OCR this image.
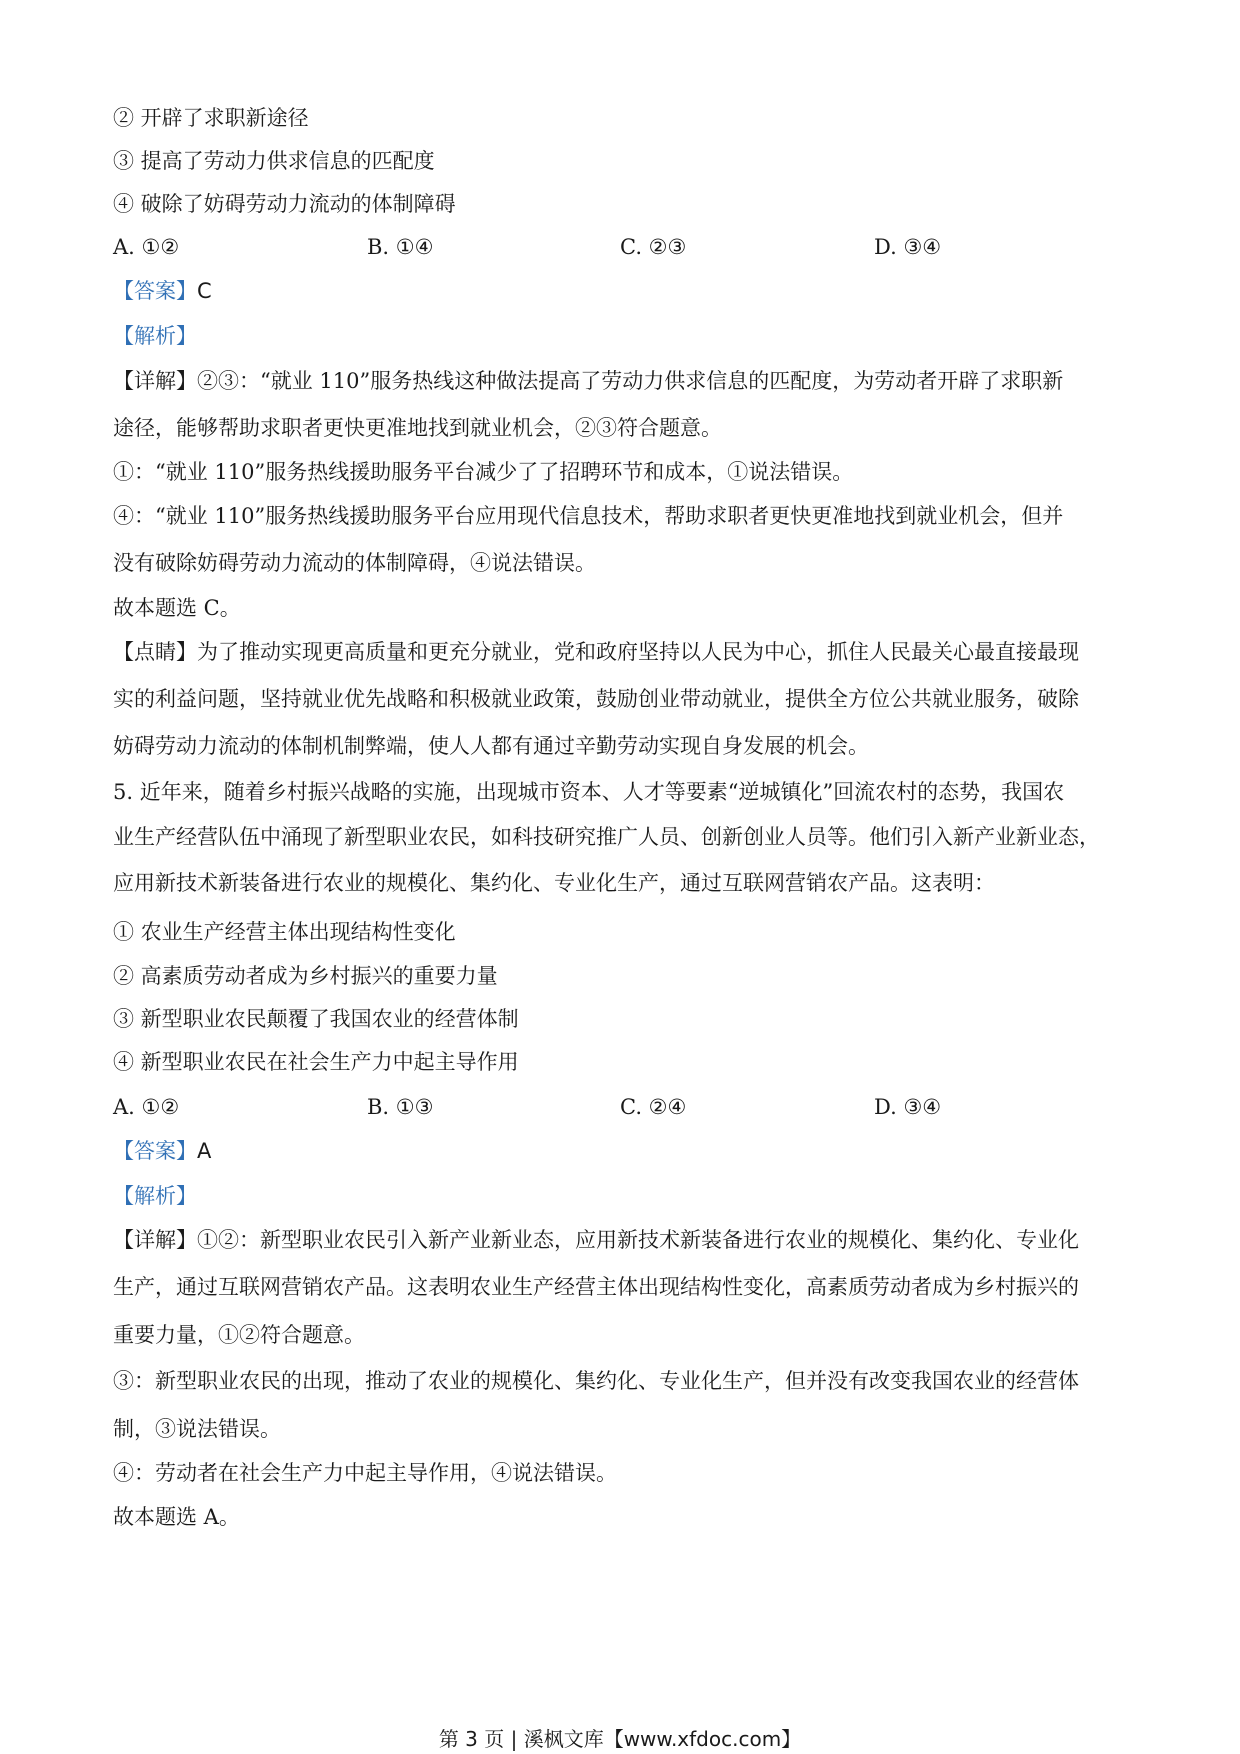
② 开辟了求职新途径
③ 提高了劳动力供求信息的匹配度
④ 破除了妨碍劳动力流动的体制障碍
A. ①②	B. ①④	C. ②③	D. ③④
【答案】C
【解析】
【详解】②③：“就业 110”服务热线这种做法提高了劳动力供求信息的匹配度，为劳动者开辟了求职新
途径，能够帮助求职者更快更准地找到就业机会，②③符合题意。
①：“就业 110”服务热线援助服务平台减少了了招聘环节和成本，①说法错误。
④：“就业 110”服务热线援助服务平台应用现代信息技术，帮助求职者更快更准地找到就业机会，但并
没有破除妨碍劳动力流动的体制障碍，④说法错误。
故本题选 C。
【点睛】为了推动实现更高质量和更充分就业，党和政府坚持以人民为中心，抓住人民最关心最直接最现
实的利益问题，坚持就业优先战略和积极就业政策，鼓励创业带动就业，提供全方位公共就业服务，破除
妨碍劳动力流动的体制机制弊端，使人人都有通过辛勤劳动实现自身发展的机会。
5. 近年来，随着乡村振兴战略的实施，出现城市资本、人才等要素“逆城镇化”回流农村的态势，我国农
业生产经营队伍中涌现了新型职业农民，如科技研究推广人员、创新创业人员等。他们引入新产业新业态，
应用新技术新装备进行农业的规模化、集约化、专业化生产，通过互联网营销农产品。这表明：
① 农业生产经营主体出现结构性变化
② 高素质劳动者成为乡村振兴的重要力量
③ 新型职业农民颠覆了我国农业的经营体制
④ 新型职业农民在社会生产力中起主导作用
A. ①②	B. ①③	C. ②④	D. ③④
【答案】A
【解析】
【详解】①②：新型职业农民引入新产业新业态，应用新技术新装备进行农业的规模化、集约化、专业化
生产，通过互联网营销农产品。这表明农业生产经营主体出现结构性变化，高素质劳动者成为乡村振兴的
重要力量，①②符合题意。
③：新型职业农民的出现，推动了农业的规模化、集约化、专业化生产，但并没有改变我国农业的经营体
制，③说法错误。
④：劳动者在社会生产力中起主导作用，④说法错误。
故本题选 A。
第 3 页 | 溪枫文库【www.xfdoc.com】
